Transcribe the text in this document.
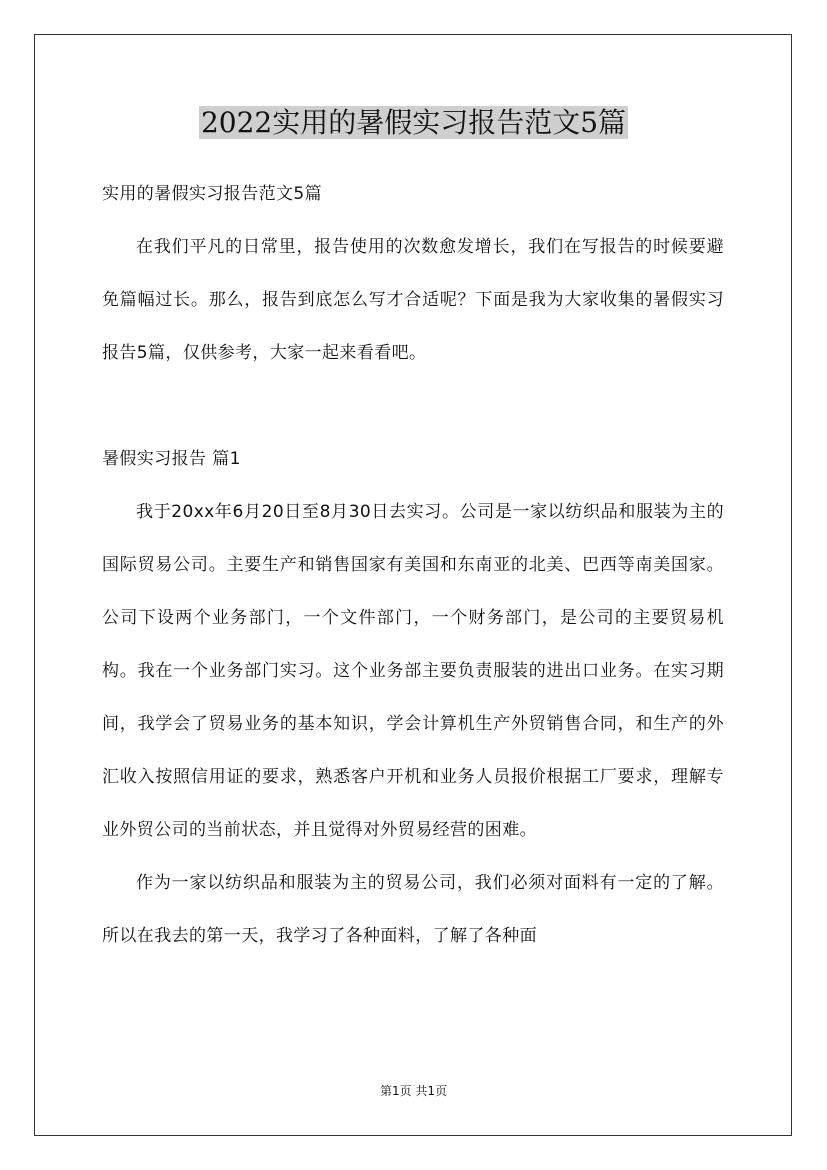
2022实用的暑假实习报告范文5篇

实用的暑假实习报告范文5篇

在我们平凡的日常里，报告使用的次数愈发增长，我们在写报告的时候要避免篇幅过长。那么，报告到底怎么写才合适呢？下面是我为大家收集的暑假实习报告5篇，仅供参考，大家一起来看看吧。

暑假实习报告 篇1

我于20xx年6月20日至8月30日去实习。公司是一家以纺织品和服装为主的国际贸易公司。主要生产和销售国家有美国和东南亚的北美、巴西等南美国家。公司下设两个业务部门，一个文件部门，一个财务部门，是公司的主要贸易机构。我在一个业务部门实习。这个业务部主要负责服装的进出口业务。在实习期间，我学会了贸易业务的基本知识，学会计算机生产外贸销售合同，和生产的外汇收入按照信用证的要求，熟悉客户开机和业务人员报价根据工厂要求，理解专业外贸公司的当前状态，并且觉得对外贸易经营的困难。

作为一家以纺织品和服装为主的贸易公司，我们必须对面料有一定的了解。所以在我去的第一天，我学习了各种面料，了解了各种面

第1页 共1页
